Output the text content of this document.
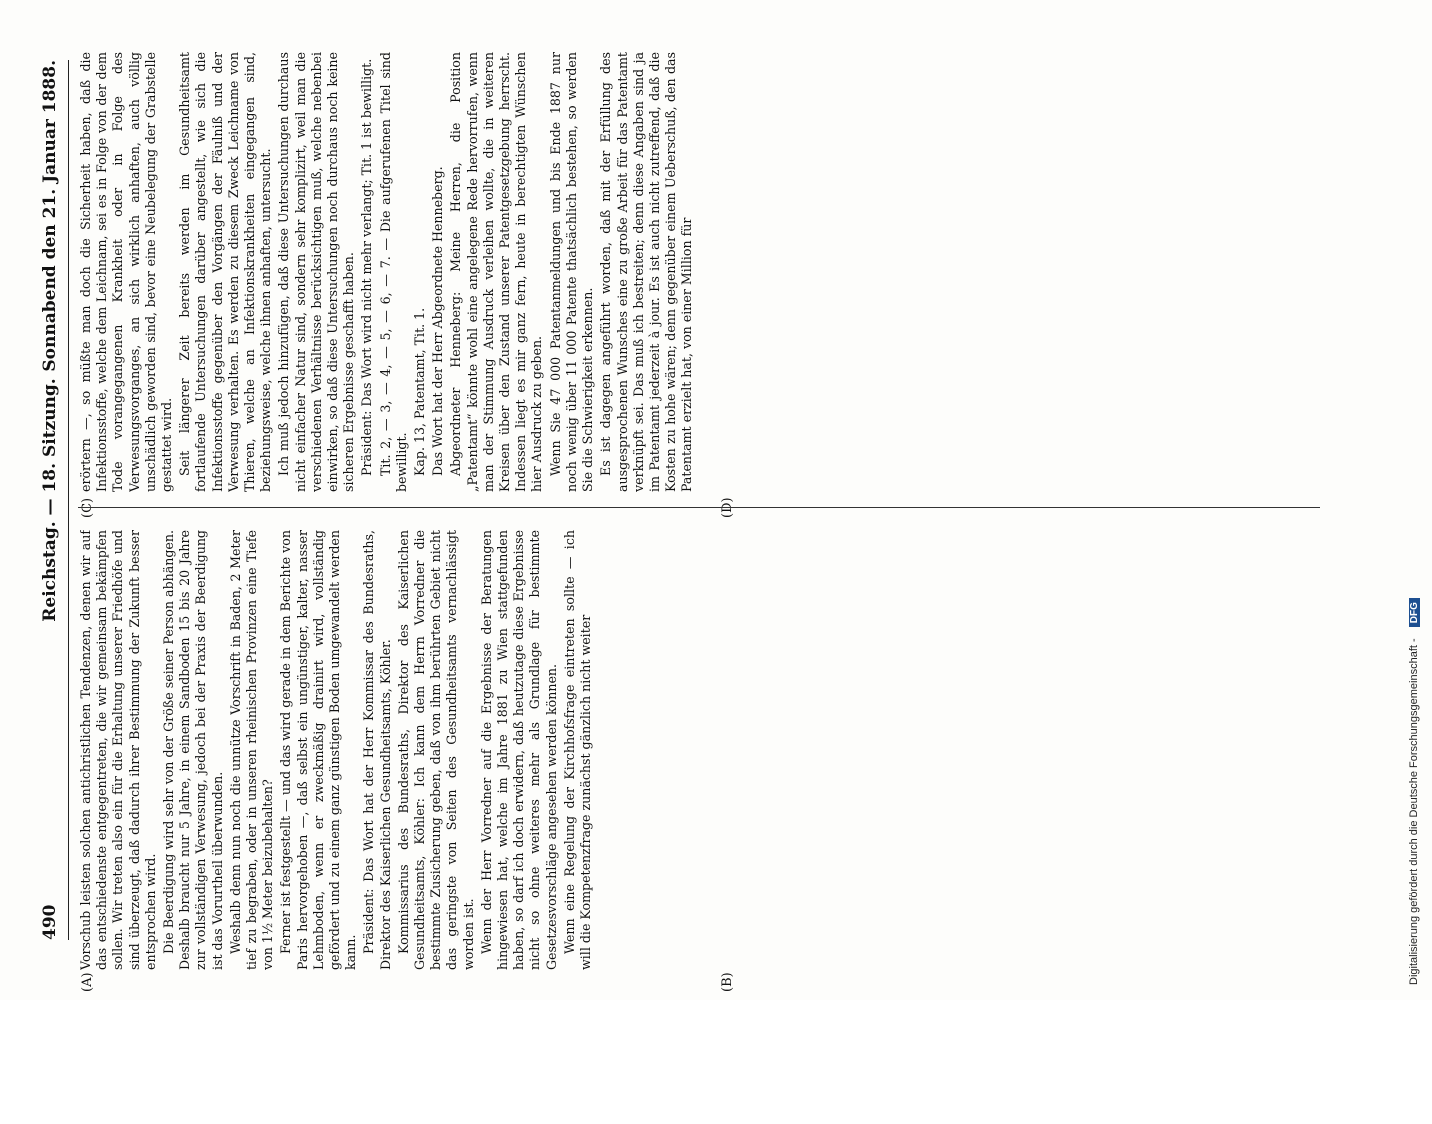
490
Reichstag. — 18. Sitzung.
Sonnabend den 21. Januar 1888.
(A)	(B)
(C)	(D)

Vorschub leisten solchen antichristlichen Tendenzen, denen wir auf das entschiedenste entgegentreten, die wir gemeinsam bekämpfen sollen. Wir treten also ein für die Erhaltung unserer Friedhöfe und sind überzeugt, daß dadurch ihrer Bestimmung der Zukunft besser entsprochen wird. Die Beerdigung wird sehr von der Größe seiner Person abhängen. Deshalb braucht nur 5 Jahre, in einem Sandboden 15 bis 20 Jahre zur vollständigen Verwesung, jedoch bei der Praxis der Beerdigung ist das Vorurtheil überwunden. Weshalb denn nun noch die unnütze Vorschrift in Baden, 2 Meter tief zu begraben, oder in unseren rheinischen Provinzen eine Tiefe von 1½ Meter beizubehalten? Ferner ist festgestellt — und das wird gerade in dem Berichte von Paris hervorgehoben —, daß selbst ein ungünstiger, kalter, nasser Lehmboden, wenn er zweckmäßig drainirt wird, vollständig gefördert und zu einem ganz günstigen Boden umgewandelt werden kann. Präsident: Das Wort hat der Herr Kommissar des Bundesraths, Direktor des Kaiserlichen Gesundheitsamts, Köhler. Kommissarius des Bundesraths, Direktor des Kaiserlichen Gesundheitsamts, Köhler: Ich kann dem Herrn Vorredner die bestimmte Zusicherung geben, daß von ihm berührten Gebiet nicht das geringste von Seiten des Gesundheitsamts vernachlässigt worden ist. Wenn der Herr Vorredner auf die Ergebnisse der Beratungen hingewiesen hat, welche im Jahre 1881 zu Wien stattgefunden haben, so darf ich doch erwidern, daß heutzutage diese Ergebnisse nicht so ohne weiteres mehr als Grundlage für bestimmte Gesetzesvorschläge angesehen werden können. Wenn eine Regelung der Kirchhofsfrage eintreten sollte — ich will die Kompetenzfrage zunächst gänzlich nicht weiter

erörtern —, so müßte man doch die Sicherheit haben, daß die Infektionsstoffe, welche dem Leichnam, sei es in Folge von der dem Tode vorangegangenen Krankheit oder in Folge des Verwesungsvorganges, an sich wirklich anhaften, auch völlig unschädlich geworden sind, bevor eine Neubelegung der Grabstelle gestattet wird. Seit längerer Zeit bereits werden im Gesundheitsamt fortlaufende Untersuchungen darüber angestellt, wie sich die Infektionsstoffe gegenüber den Vorgängen der Fäulniß und der Verwesung verhalten. Es werden zu diesem Zweck Leichname von Thieren, welche an Infektionskrankheiten eingegangen sind, beziehungsweise, welche ihnen anhaften, untersucht. Ich muß jedoch hinzufügen, daß diese Untersuchungen durchaus nicht einfacher Natur sind, sondern sehr komplizirt, weil man die verschiedenen Verhältnisse berücksichtigen muß, welche nebenbei einwirken, so daß diese Untersuchungen noch durchaus noch keine sicheren Ergebnisse geschafft haben. Präsident: Das Wort wird nicht mehr verlangt; Tit. 1 ist bewilligt. Tit. 2, — 3, — 4, — 5, — 6, — 7. — Die aufgerufenen Titel sind bewilligt. Kap. 13, Patentamt, Tit. 1. Das Wort hat der Herr Abgeordnete Henneberg. Abgeordneter Henneberg: Meine Herren, die Position „Patentamt“ könnte wohl eine angelegene Rede hervorrufen, wenn man der Stimmung Ausdruck verleihen wollte, die in weiteren Kreisen über den Zustand unserer Patentgesetzgebung herrscht. Indessen liegt es mir ganz fern, heute in berechtigten Wünschen hier Ausdruck zu geben. Wenn Sie 47 000 Patentanmeldungen und bis Ende 1887 nur noch wenig über 11 000 Patente thatsächlich bestehen, so werden Sie die Schwierigkeit erkennen. Es ist dagegen angeführt worden, daß mit der Erfüllung des ausgesprochenen Wunsches eine zu große Arbeit für das Patentamt verknüpft sei. Das muß ich bestreiten; denn diese Angaben sind ja im Patentamt jederzeit à jour. Es ist auch nicht zutreffend, daß die Kosten zu hohe wären; denn gegenüber einem Ueberschuß, den das Patentamt erzielt hat, von einer Million für

Digitalisierung gefördert durch die Deutsche Forschungsgemeinschaft - DFG
